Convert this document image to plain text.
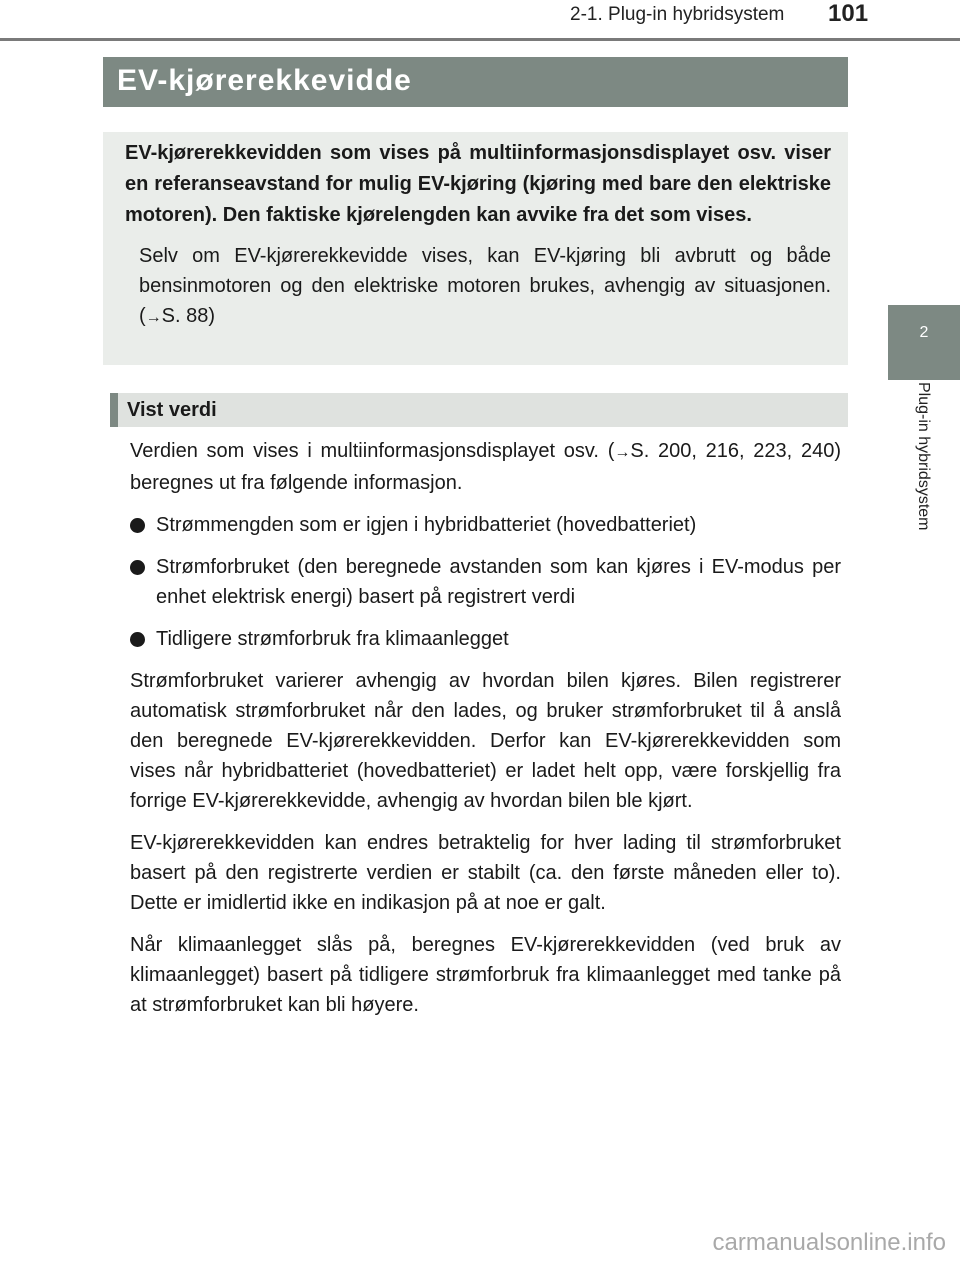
2-1. Plug-in hybridsystem 101
2
Plug-in hybridsystem
EV-kjørerekkevidde

EV-kjørerekkevidden som vises på multiinformasjonsdisplayet osv. viser en referanseavstand for mulig EV-kjøring (kjøring med bare den elektriske motoren). Den faktiske kjørelengden kan avvike fra det som vises.

Selv om EV-kjørerekkevidde vises, kan EV-kjøring bli avbrutt og både bensinmotoren og den elektriske motoren brukes, avhengig av situasjonen. (→S. 88)

Vist verdi

Verdien som vises i multiinformasjonsdisplayet osv. (→S. 200, 216, 223, 240) beregnes ut fra følgende informasjon.

Strømmengden som er igjen i hybridbatteriet (hovedbatteriet)
Strømforbruket (den beregnede avstanden som kan kjøres i EV-modus per enhet elektrisk energi) basert på registrert verdi
Tidligere strømforbruk fra klimaanlegget

Strømforbruket varierer avhengig av hvordan bilen kjøres. Bilen registrerer automatisk strømforbruket når den lades, og bruker strømforbruket til å anslå den beregnede EV-kjørerekkevidden. Derfor kan EV-kjørerekkevidden som vises når hybridbatteriet (hovedbatteriet) er ladet helt opp, være forskjellig fra forrige EV-kjørerekkevidde, avhengig av hvordan bilen ble kjørt.

EV-kjørerekkevidden kan endres betraktelig for hver lading til strømforbruket basert på den registrerte verdien er stabilt (ca. den første måneden eller to). Dette er imidlertid ikke en indikasjon på at noe er galt.

Når klimaanlegget slås på, beregnes EV-kjørerekkevidden (ved bruk av klimaanlegget) basert på tidligere strømforbruk fra klimaanlegget med tanke på at strømforbruket kan bli høyere.

carmanualsonline.info
